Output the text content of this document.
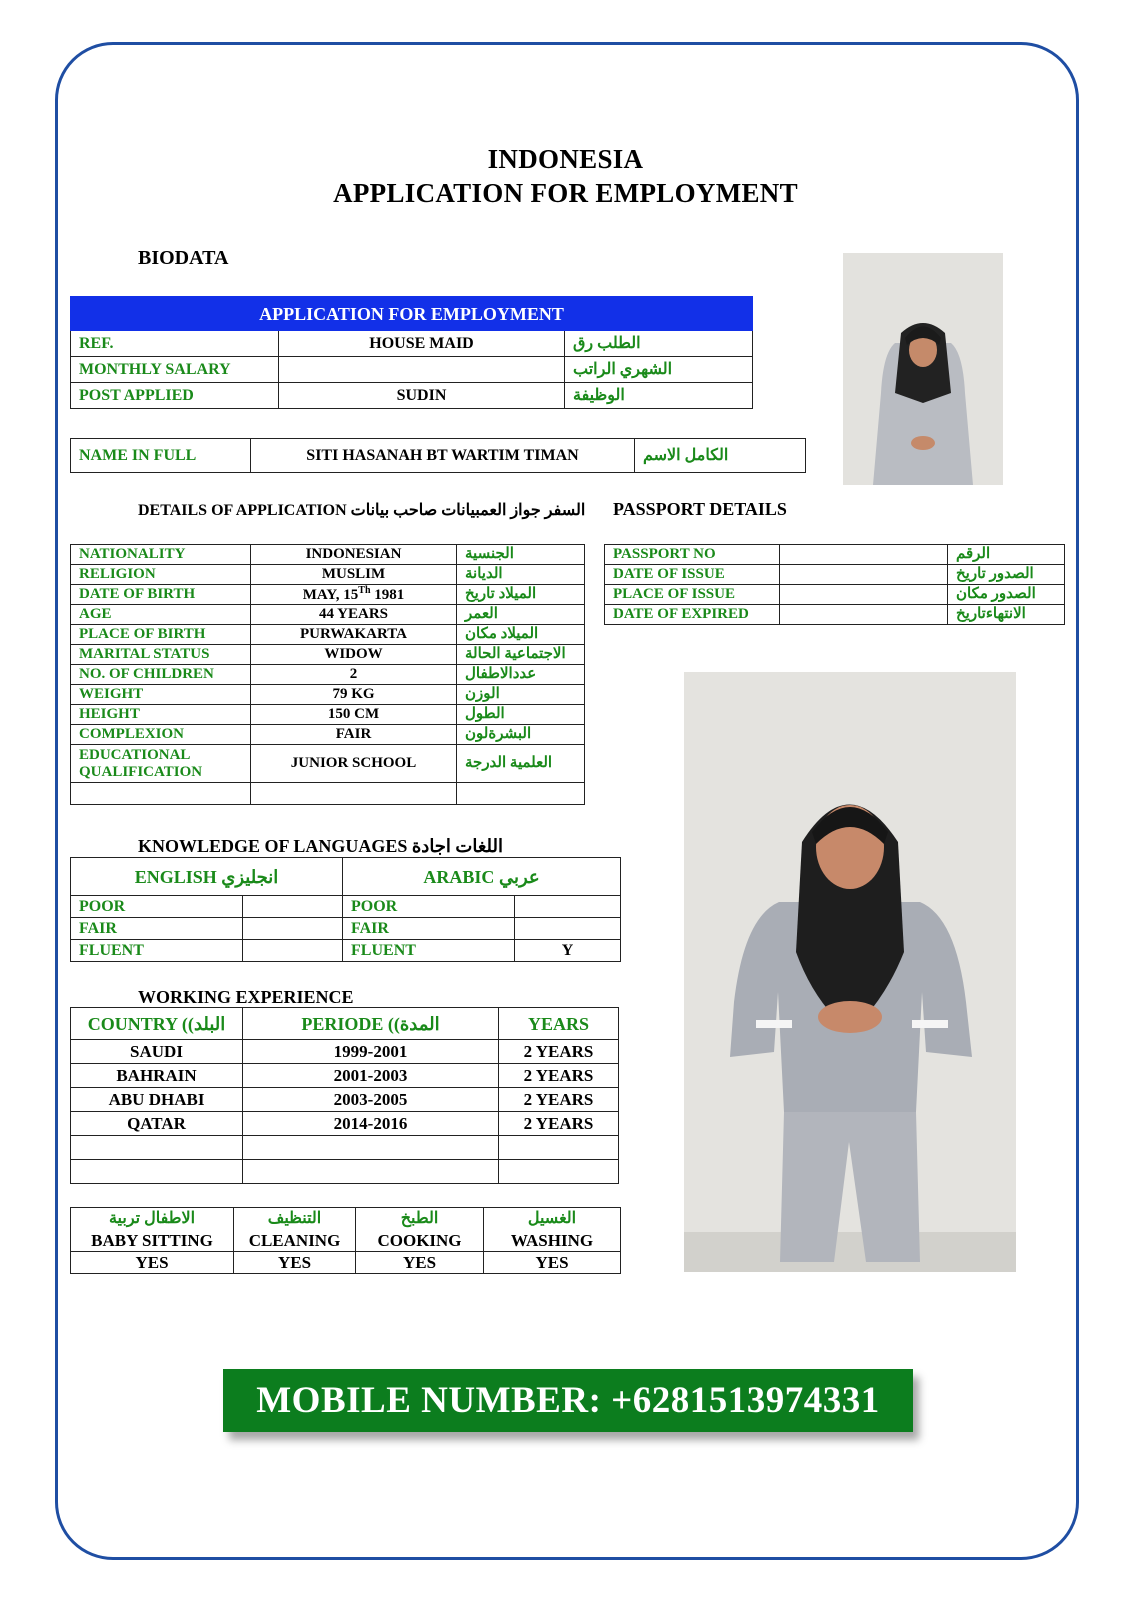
INDONESIA
APPLICATION FOR EMPLOYMENT
BIODATA
APPLICATION FOR EMPLOYMENT		
REF.	HOUSE MAID	الطلب رق
MONTHLY SALARY		الشهري الراتب
POST APPLIED	SUDIN	الوظيفة
NAME IN FULL	SITI HASANAH BT WARTIM TIMAN	الكامل الاسم
DETAILS OF APPLICATION السفر جواز العمبيانات صاحب بيانات PASSPORT DETAILS
NATIONALITY	INDONESIAN	الجنسية
RELIGION	MUSLIM	الديانة
DATE OF BIRTH	MAY, 15Th 1981	الميلاد تاريخ
AGE	44 YEARS	العمر
PLACE OF BIRTH	PURWAKARTA	الميلاد مكان
MARITAL STATUS	WIDOW	الاجتماعية الحالة
NO. OF CHILDREN	2	عددالاطفال
WEIGHT	79 KG	الوزن
HEIGHT	150 CM	الطول
COMPLEXION	FAIR	البشرةلون

EDUCATIONAL
QUALIFICATION	JUNIOR SCHOOL	العلمية الدرجة

PASSPORT NO		الرقم
DATE OF ISSUE		الصدور تاريخ
PLACE OF ISSUE		الصدور مكان
DATE OF EXPIRED		الانتهاءتاريخ
KNOWLEDGE OF LANGUAGES اللغات اجادة
ENGLISH انجليزي		ARABIC عربي	
POOR		POOR	
FAIR		FAIR	
FLUENT		FLUENT	Y
WORKING EXPERIENCE
COUNTRY ((البلد	PERIODE ((المدة	YEARS
SAUDI	1999-2001	2 YEARS
BAHRAIN	2001-2003	2 YEARS
ABU DHABI	2003-2005	2 YEARS
QATAR	2014-2016	2 YEARS

الاطفال تربية	التنظيف	الطبخ	الغسيل
BABY SITTING	CLEANING	COOKING	WASHING
YES	YES	YES	YES
MOBILE NUMBER: +6281513974331
